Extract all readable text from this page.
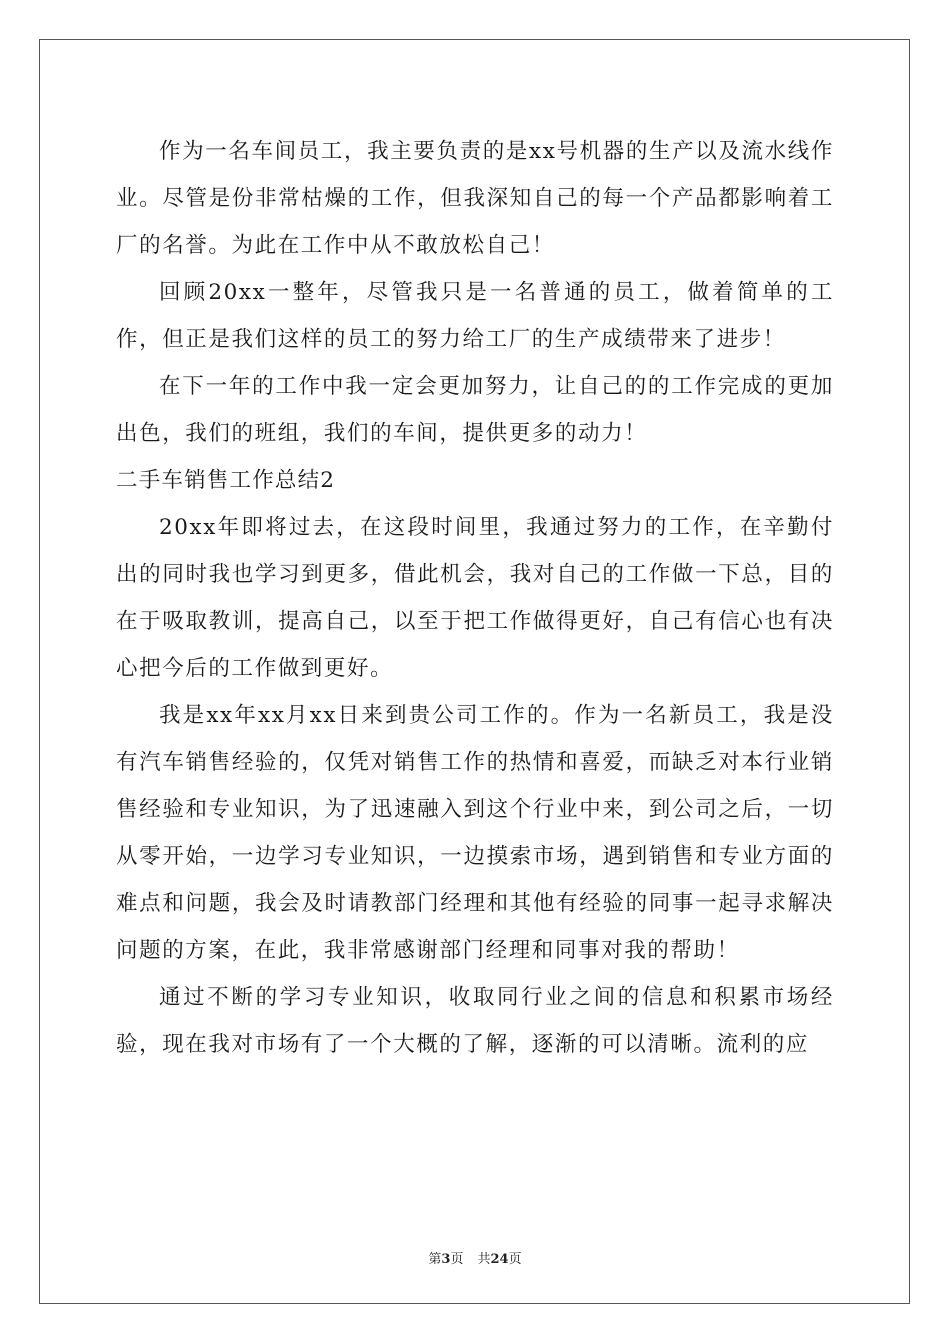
作为一名车间员工，我主要负责的是xx号机器的生产以及流水线作业。尽管是份非常枯燥的工作，但我深知自己的每一个产品都影响着工厂的名誉。为此在工作中从不敢放松自己！

回顾20xx一整年，尽管我只是一名普通的员工，做着简单的工作，但正是我们这样的员工的努力给工厂的生产成绩带来了进步！

在下一年的工作中我一定会更加努力，让自己的的工作完成的更加出色，我们的班组，我们的车间，提供更多的动力！

二手车销售工作总结2

20xx年即将过去，在这段时间里，我通过努力的工作，在辛勤付出的同时我也学习到更多，借此机会，我对自己的工作做一下总，目的在于吸取教训，提高自己，以至于把工作做得更好，自己有信心也有决心把今后的工作做到更好。

我是xx年xx月xx日来到贵公司工作的。作为一名新员工，我是没有汽车销售经验的，仅凭对销售工作的热情和喜爱，而缺乏对本行业销售经验和专业知识，为了迅速融入到这个行业中来，到公司之后，一切从零开始，一边学习专业知识，一边摸索市场，遇到销售和专业方面的难点和问题，我会及时请教部门经理和其他有经验的同事一起寻求解决问题的方案，在此，我非常感谢部门经理和同事对我的帮助！

通过不断的学习专业知识，收取同行业之间的信息和积累市场经验，现在我对市场有了一个大概的了解，逐渐的可以清晰。流利的应

第3页 共24页
